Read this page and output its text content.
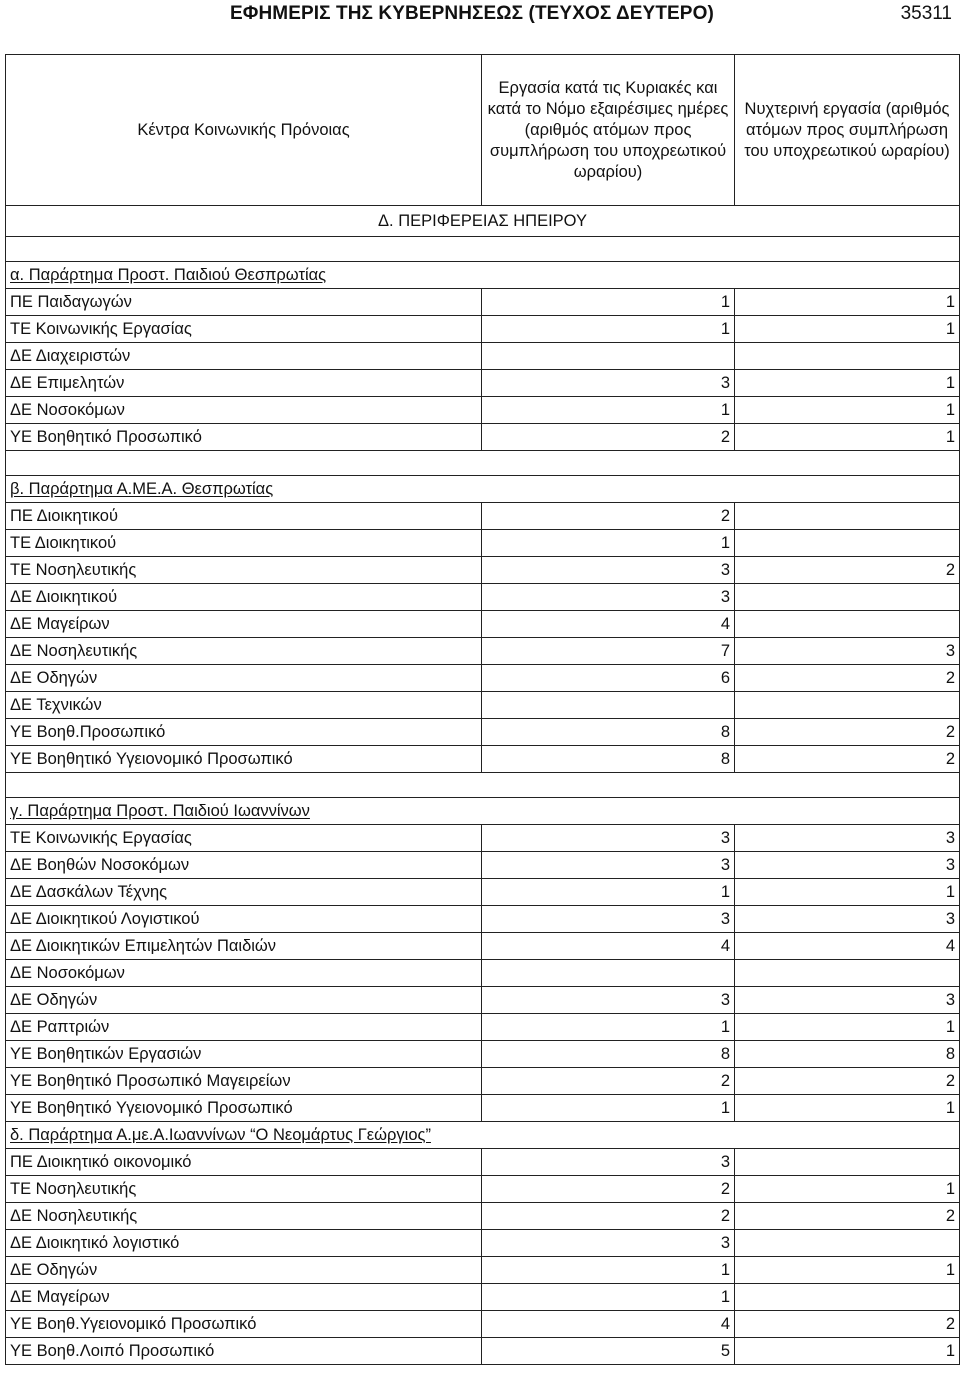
ΕΦΗΜΕΡΙΣ ΤΗΣ ΚΥΒΕΡΝΗΣΕΩΣ (ΤΕΥΧΟΣ ΔΕΥΤΕΡΟ)	35311
Κέντρα Κοινωνικής Πρόνοιας	Εργασία κατά τις Κυριακές και κατά το Νόμο εξαιρέσιμες ημέρες (αριθμός ατόμων προς συμπλήρωση του υποχρεωτικού ωραρίου)	Νυχτερινή εργασία (αριθμός ατόμων προς συμπλήρωση του υποχρεωτικού ωραρίου)
Δ. ΠΕΡΙΦΕΡΕΙΑΣ ΗΠΕΙΡΟΥ		

α. Παράρτημα Προστ. Παιδιού Θεσπρωτίας		
ΠΕ Παιδαγωγών	1	1
ΤΕ Κοινωνικής Εργασίας	1	1
ΔΕ Διαχειριστών		
ΔΕ Επιμελητών	3	1
ΔΕ Νοσοκόμων	1	1
ΥΕ Βοηθητικό Προσωπικό	2	1

β. Παράρτημα Α.ΜΕ.Α. Θεσπρωτίας		
ΠΕ Διοικητικού	2	
ΤΕ Διοικητικού	1	
ΤΕ Νοσηλευτικής	3	2
ΔΕ Διοικητικού	3	
ΔΕ Μαγείρων	4	
ΔΕ Νοσηλευτικής	7	3
ΔΕ Οδηγών	6	2
ΔΕ Τεχνικών		
ΥΕ Βοηθ.Προσωπικό	8	2
ΥΕ Βοηθητικό Υγειονομικό Προσωπικό	8	2

γ. Παράρτημα Προστ. Παιδιού Ιωαννίνων		
ΤΕ Κοινωνικής Εργασίας	3	3
ΔΕ Βοηθών Νοσοκόμων	3	3
ΔΕ Δασκάλων Τέχνης	1	1
ΔΕ Διοικητικού Λογιστικού	3	3
ΔΕ Διοικητικών Επιμελητών Παιδιών	4	4
ΔΕ Νοσοκόμων		
ΔΕ Οδηγών	3	3
ΔΕ Ραπτριών	1	1
ΥΕ Βοηθητικών Εργασιών	8	8
ΥΕ Βοηθητικό Προσωπικό Μαγειρείων	2	2
ΥΕ Βοηθητικό Υγειονομικό Προσωπικό	1	1
δ. Παράρτημα Α.με.Α.Ιωαννίνων “Ο Νεομάρτυς Γεώργιος”		
ΠΕ Διοικητικό οικονομικό	3	
ΤΕ Νοσηλευτικής	2	1
ΔΕ Νοσηλευτικής	2	2
ΔΕ Διοικητικό λογιστικό	3	
ΔΕ Οδηγών	1	1
ΔΕ Μαγείρων	1	
ΥΕ Βοηθ.Υγειονομικό Προσωπικό	4	2
ΥΕ Βοηθ.Λοιπό Προσωπικό	5	1
